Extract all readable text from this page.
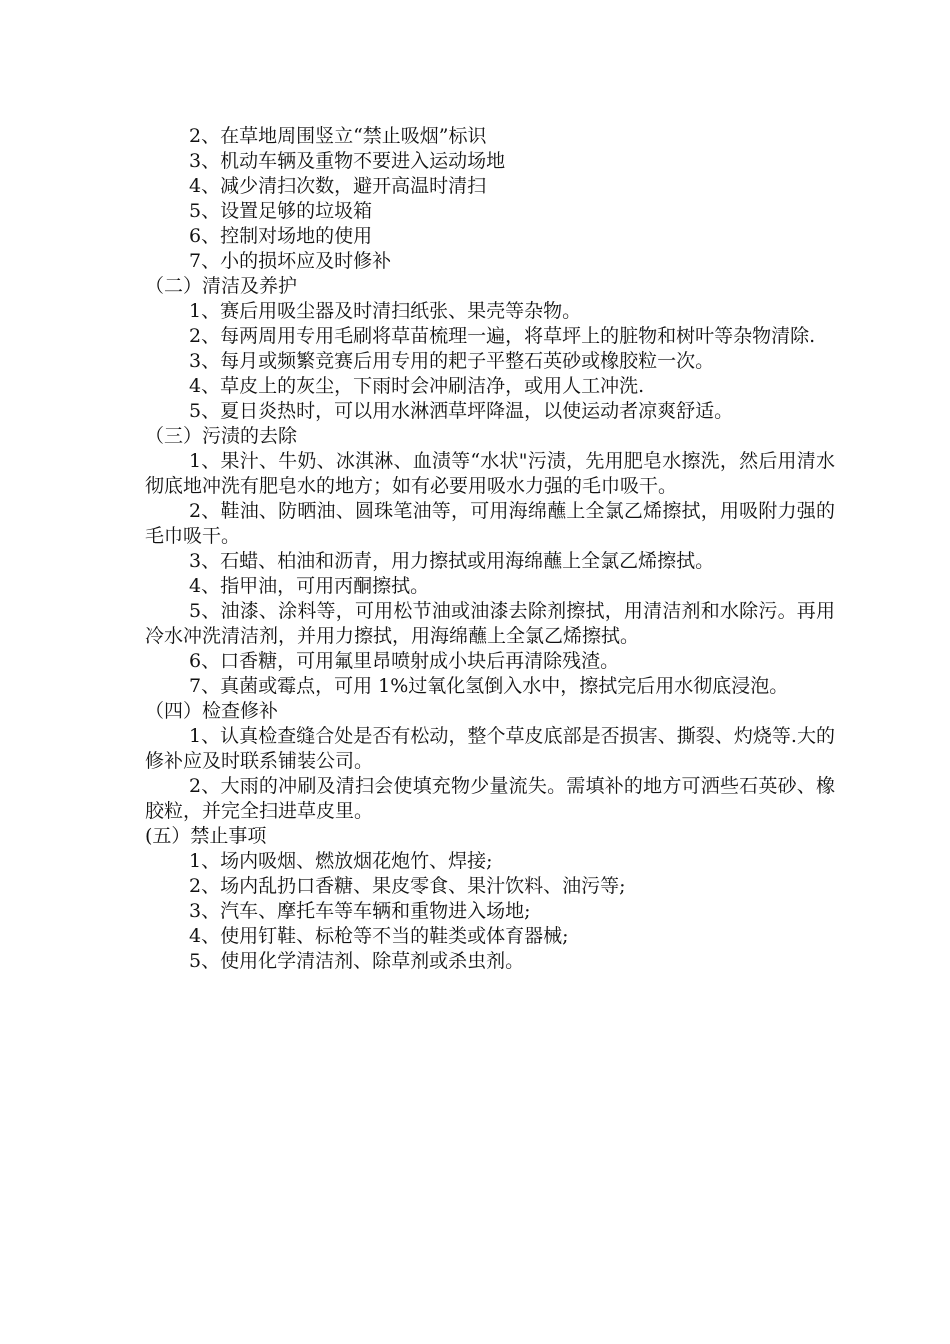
2、在草地周围竖立“禁止吸烟”标识
3、机动车辆及重物不要进入运动场地
4、减少清扫次数，避开高温时清扫
5、设置足够的垃圾箱
6、控制对场地的使用
7、小的损坏应及时修补
（二）清洁及养护
1、赛后用吸尘器及时清扫纸张、果壳等杂物。

2、每两周用专用毛刷将草苗梳理一遍，将草坪上的脏物和树叶等杂物清除.

3、每月或频繁竞赛后用专用的耙子平整石英砂或橡胶粒一次。
4、草皮上的灰尘，下雨时会冲刷洁净，或用人工冲洗.
5、夏日炎热时，可以用水淋洒草坪降温，以使运动者凉爽舒适。
（三）污渍的去除

1、果汁、牛奶、冰淇淋、血渍等“水状"污渍，先用肥皂水擦洗，然后用清水彻底地冲洗有肥皂水的地方；如有必要用吸水力强的毛巾吸干。

2、鞋油、防晒油、圆珠笔油等，可用海绵蘸上全氯乙烯擦拭，用吸附力强的毛巾吸干。

3、石蜡、柏油和沥青，用力擦拭或用海绵蘸上全氯乙烯擦拭。
4、指甲油，可用丙酮擦拭。

5、油漆、涂料等，可用松节油或油漆去除剂擦拭，用清洁剂和水除污。再用冷水冲洗清洁剂，并用力擦拭，用海绵蘸上全氯乙烯擦拭。

6、口香糖，可用氟里昂喷射成小块后再清除残渣。

7、真菌或霉点，可用 1%过氧化氢倒入水中，擦拭完后用水彻底浸泡。

（四）检查修补

1、认真检查缝合处是否有松动，整个草皮底部是否损害、撕裂、灼烧等.大的修补应及时联系铺装公司。

2、大雨的冲刷及清扫会使填充物少量流失。需填补的地方可洒些石英砂、橡胶粒，并完全扫进草皮里。

(五）禁止事项
1、场内吸烟、燃放烟花炮竹、焊接;
2、场内乱扔口香糖、果皮零食、果汁饮料、油污等;
3、汽车、摩托车等车辆和重物进入场地;
4、使用钉鞋、标枪等不当的鞋类或体育器械;
5、使用化学清洁剂、除草剂或杀虫剂。
